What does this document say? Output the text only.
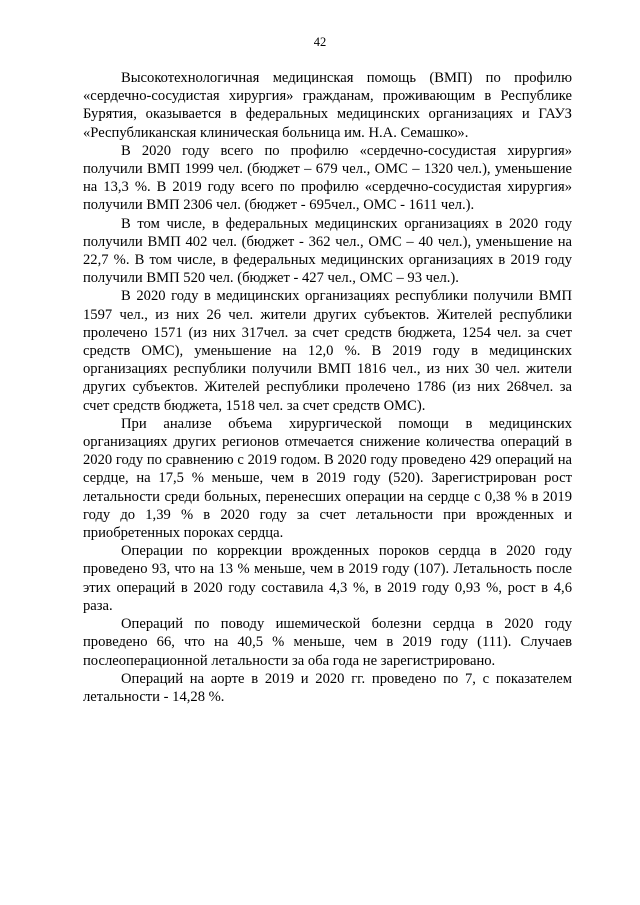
42

Высокотехнологичная медицинская помощь (ВМП) по профилю «сердечно-сосудистая хирургия» гражданам, проживающим в Республике Бурятия, оказывается в федеральных медицинских организациях и ГАУЗ «Республиканская клиническая больница им. Н.А. Семашко».

В 2020 году всего по профилю «сердечно-сосудистая хирургия» получили ВМП 1999 чел. (бюджет – 679 чел., ОМС – 1320 чел.), уменьшение на 13,3 %. В 2019 году всего по профилю «сердечно-сосудистая хирургия» получили ВМП 2306 чел. (бюджет - 695чел., ОМС - 1611 чел.).

В том числе, в федеральных медицинских организациях в 2020 году получили ВМП 402 чел. (бюджет - 362 чел., ОМС – 40 чел.), уменьшение на 22,7 %. В том числе, в федеральных медицинских организациях в 2019 году получили ВМП 520 чел. (бюджет - 427 чел., ОМС – 93 чел.).

В 2020 году в медицинских организациях республики получили ВМП 1597 чел., из них 26 чел. жители других субъектов. Жителей республики пролечено 1571 (из них 317чел. за счет средств бюджета, 1254 чел. за счет средств ОМС), уменьшение на 12,0 %. В 2019 году в медицинских организациях республики получили ВМП 1816 чел., из них 30 чел. жители других субъектов. Жителей республики пролечено 1786 (из них 268чел. за счет средств бюджета, 1518 чел. за счет средств ОМС).

При анализе объема хирургической помощи в медицинских организациях других регионов отмечается снижение количества операций в 2020 году по сравнению с 2019 годом. В 2020 году проведено 429 операций на сердце, на 17,5 % меньше, чем в 2019 году (520). Зарегистрирован рост летальности среди больных, перенесших операции на сердце с 0,38 % в 2019 году до 1,39 % в 2020 году за счет летальности при врожденных и приобретенных пороках сердца.

Операции по коррекции врожденных пороков сердца в 2020 году проведено 93, что на 13 % меньше, чем в 2019 году (107). Летальность после этих операций в 2020 году составила 4,3 %, в 2019 году 0,93 %, рост в 4,6 раза.

Операций по поводу ишемической болезни сердца в 2020 году проведено 66, что на 40,5 % меньше, чем в 2019 году (111). Случаев послеоперационной летальности за оба года не зарегистрировано.

Операций на аорте в 2019 и 2020 гг. проведено по 7, с показателем летальности - 14,28 %.
